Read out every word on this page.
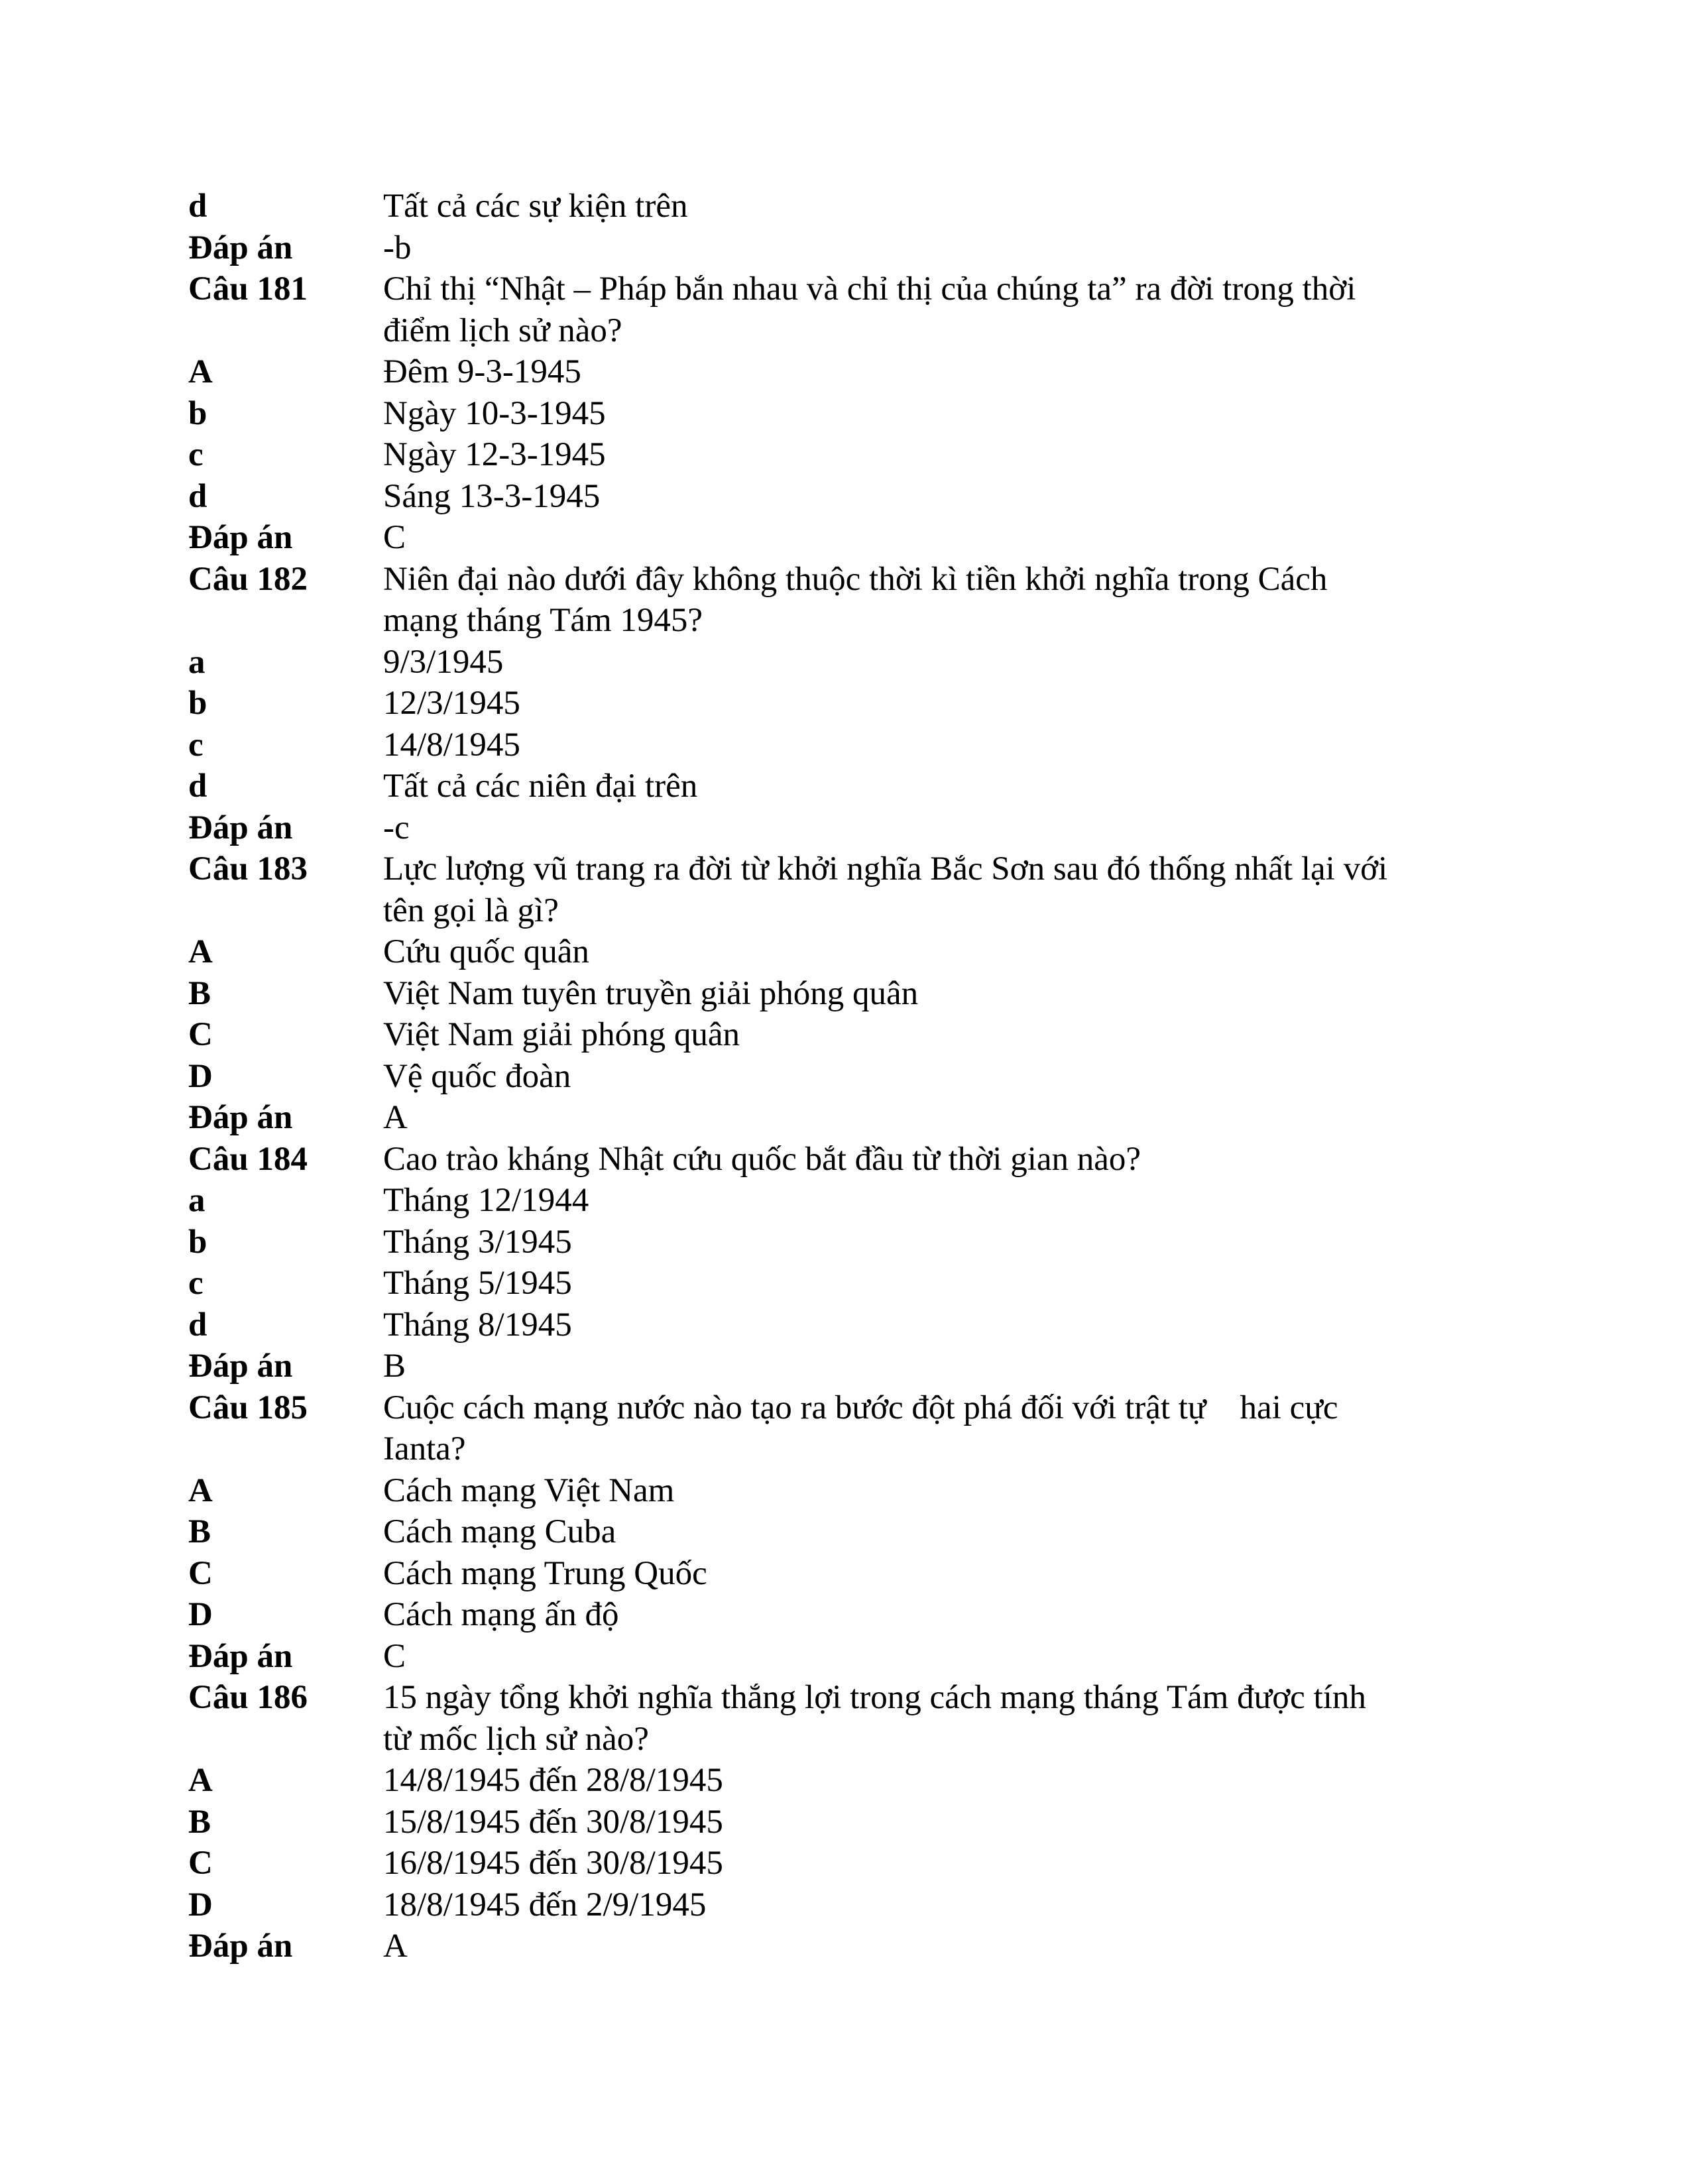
d	Tất cả các sự kiện trên
Đáp án	-b
Câu 181	Chỉ thị “Nhật – Pháp bắn nhau và chỉ thị của chúng ta” ra đời trong thời
điểm lịch sử nào?
A	Đêm 9-3-1945
b	Ngày 10-3-1945
c	Ngày 12-3-1945
d	Sáng 13-3-1945
Đáp án	C
Câu 182	Niên đại nào dưới đây không thuộc thời kì tiền khởi nghĩa trong Cách
mạng tháng Tám 1945?
a	9/3/1945
b	12/3/1945
c	14/8/1945
d	Tất cả các niên đại trên
Đáp án	-c
Câu 183	Lực lượng vũ trang ra đời từ khởi nghĩa Bắc Sơn sau đó thống nhất lại với
tên gọi là gì?
A	Cứu quốc quân
B	Việt Nam tuyên truyền giải phóng quân
C	Việt Nam giải phóng quân
D	Vệ quốc đoàn
Đáp án	A
Câu 184	Cao trào kháng Nhật cứu quốc bắt đầu từ thời gian nào?
a	Tháng 12/1944
b	Tháng 3/1945
c	Tháng 5/1945
d	Tháng 8/1945
Đáp án	B
Câu 185	Cuộc cách mạng nước nào tạo ra bước đột phá đối với trật tự    hai cực
Ianta?
A	Cách mạng Việt Nam
B	Cách mạng Cuba
C	Cách mạng Trung Quốc
D	Cách mạng ấn độ
Đáp án	C
Câu 186	15 ngày tổng khởi nghĩa thắng lợi trong cách mạng tháng Tám được tính
từ mốc lịch sử nào?
A	14/8/1945 đến 28/8/1945
B	15/8/1945 đến 30/8/1945
C	16/8/1945 đến 30/8/1945
D	18/8/1945 đến 2/9/1945
Đáp án	A
